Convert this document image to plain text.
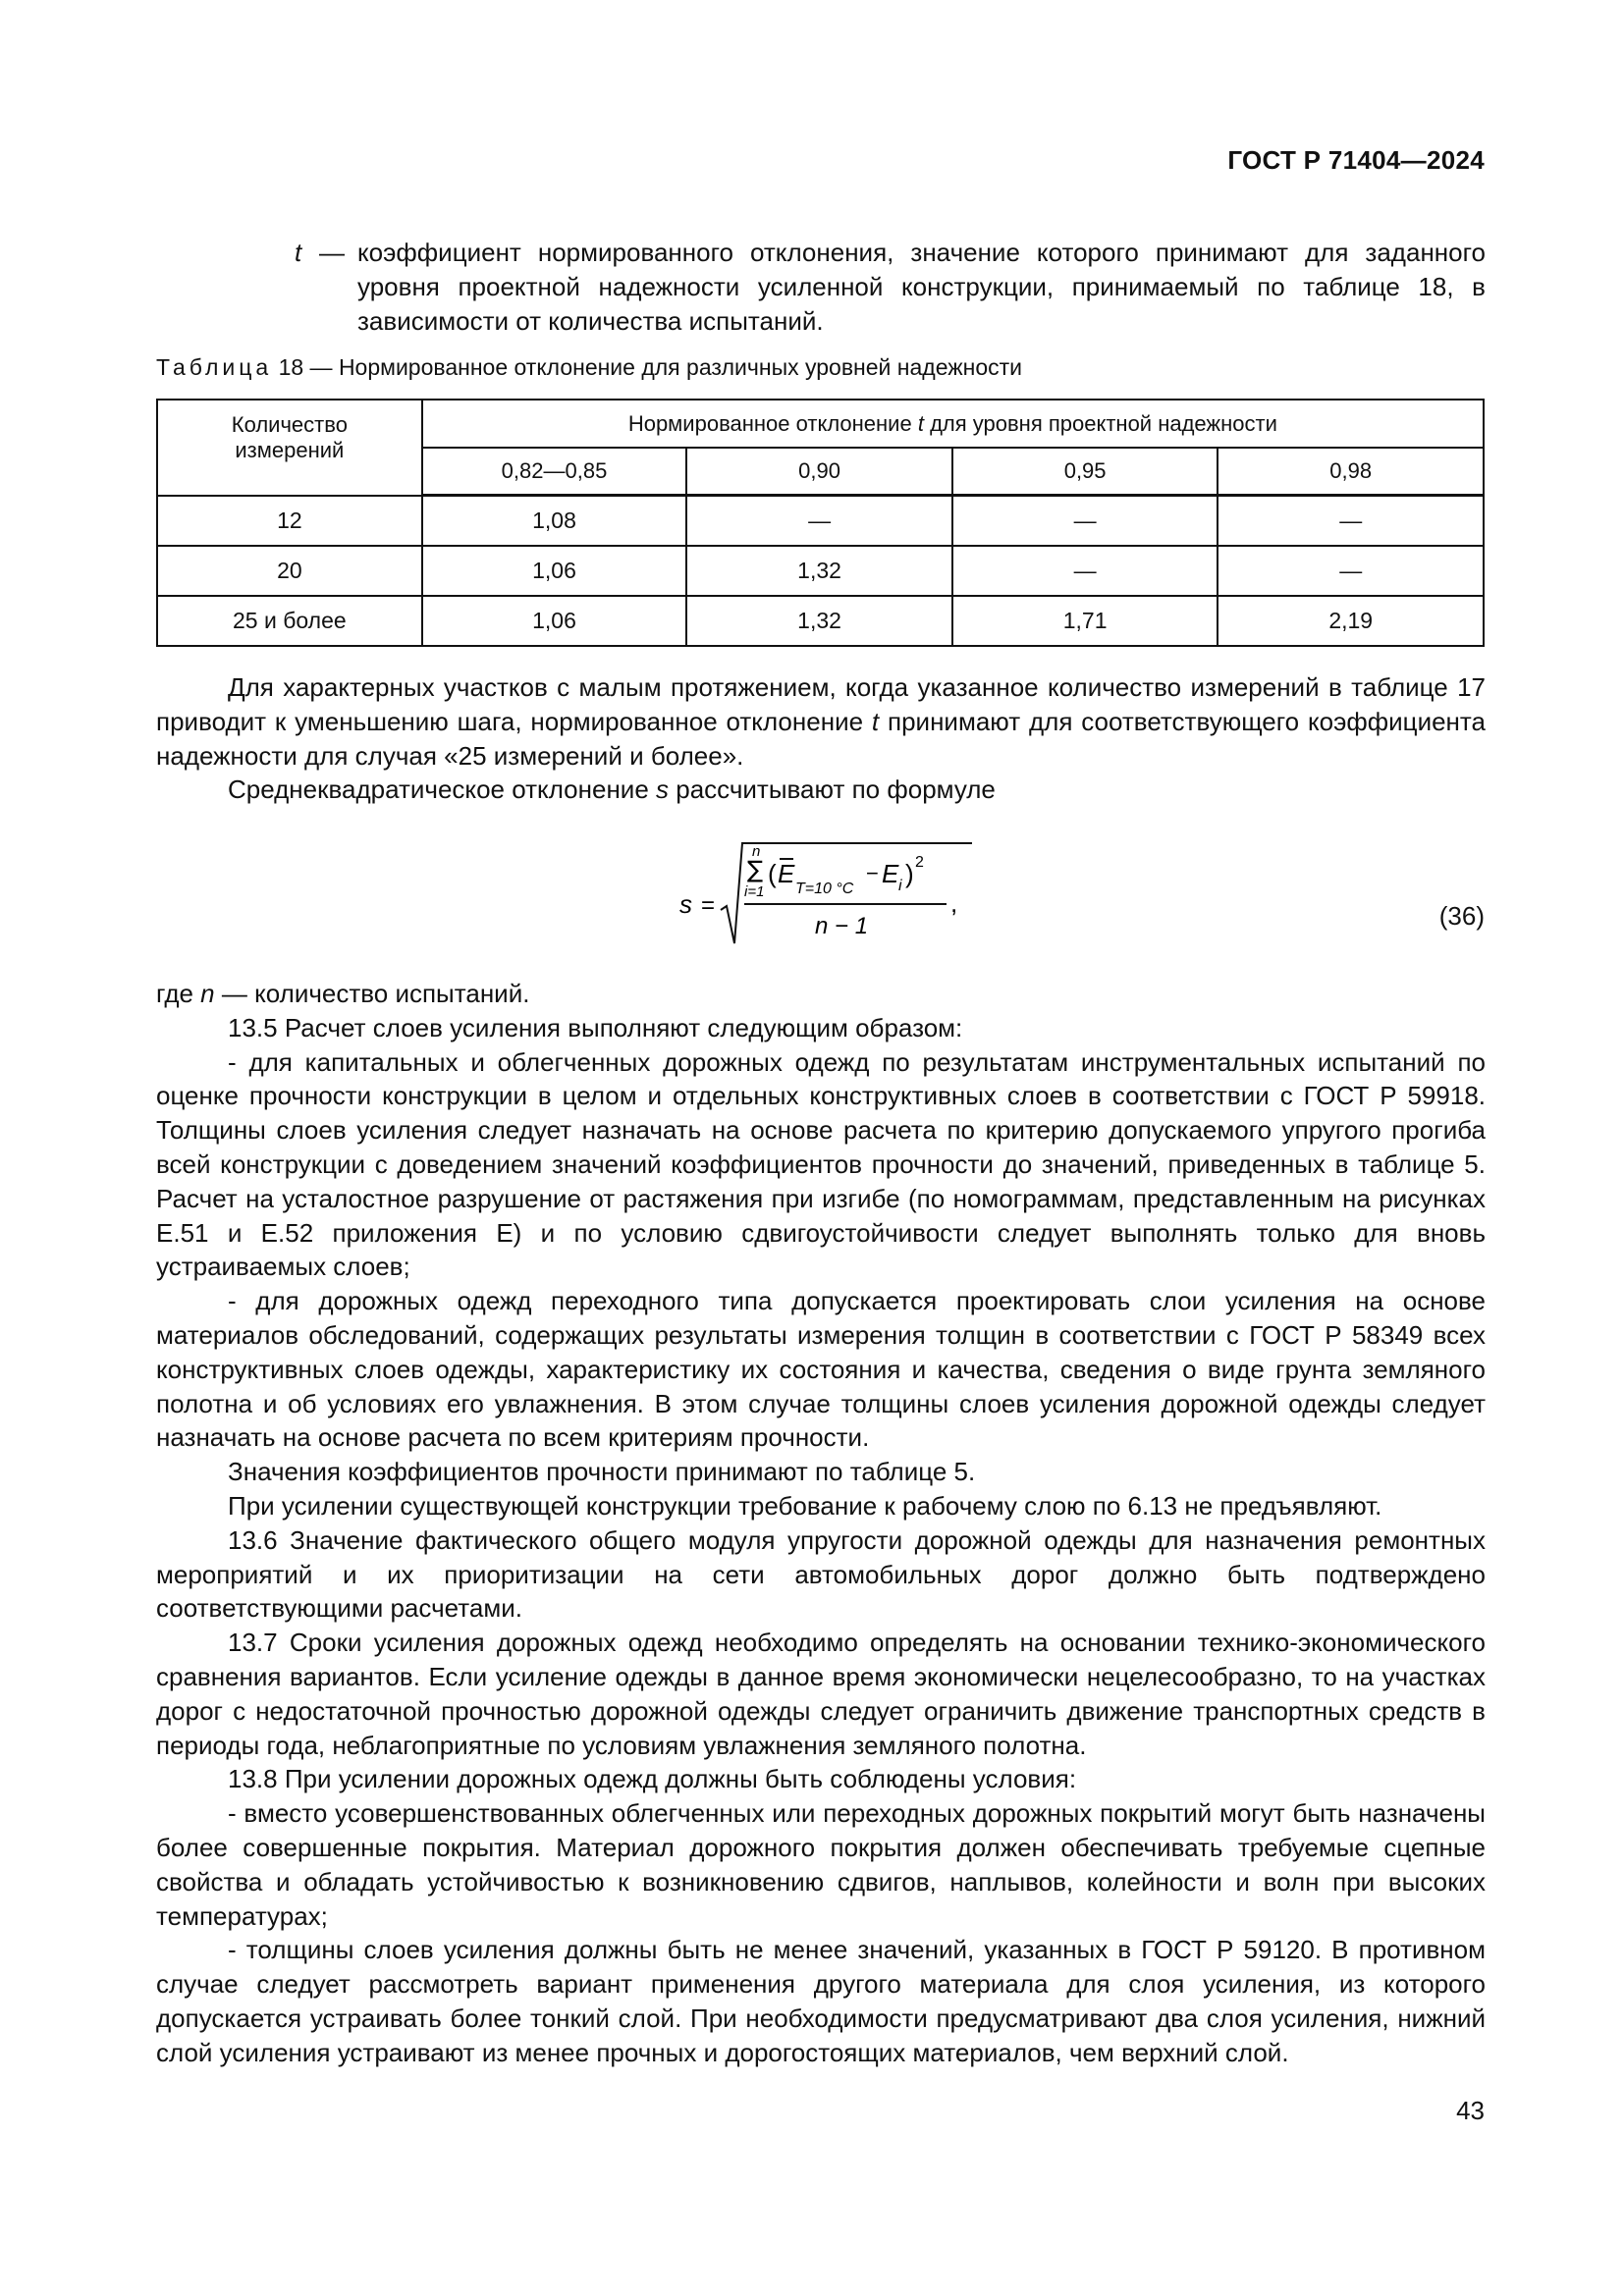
ГОСТ Р 71404—2024
t — коэффициент нормированного отклонения, значение которого принимают для заданного уровня проектной надежности усиленной конструкции, принимаемый по таблице 18, в зависимости от количества испытаний.

Таблица 18 — Нормированное отклонение для различных уровней надежности
Количество измерений	Нормированное отклонение t для уровня проектной надежности			
	0,82—0,85	0,90	0,95	0,98
12	1,08	—	—	—
20	1,06	1,32	—	—
25 и более	1,06	1,32	1,71	2,19

Для характерных участков с малым протяжением, когда указанное количество измерений в таблице 17 приводит к уменьшению шага, нормированное отклонение t принимают для соответствующего коэффициента надежности для случая «25 измерений и более».

Среднеквадратическое отклонение s рассчитывают по формуле

s =
n
∑
i=1
( E
T=10 °C
− E i ) 2
n − 1
,	(36)

где n — количество испытаний.

13.5 Расчет слоев усиления выполняют следующим образом:

- для капитальных и облегченных дорожных одежд по результатам инструментальных испытаний по оценке прочности конструкции в целом и отдельных конструктивных слоев в соответствии с ГОСТ Р 59918. Толщины слоев усиления следует назначать на основе расчета по критерию допускаемого упругого прогиба всей конструкции с доведением значений коэффициентов прочности до значений, приведенных в таблице 5. Расчет на усталостное разрушение от растяжения при изгибе (по номограммам, представленным на рисунках Е.51 и Е.52 приложения Е) и по условию сдвигоустойчивости следует выполнять только для вновь устраиваемых слоев;

- для дорожных одежд переходного типа допускается проектировать слои усиления на основе материалов обследований, содержащих результаты измерения толщин в соответствии с ГОСТ Р 58349 всех конструктивных слоев одежды, характеристику их состояния и качества, сведения о виде грунта земляного полотна и об условиях его увлажнения. В этом случае толщины слоев усиления дорожной одежды следует назначать на основе расчета по всем критериям прочности.

Значения коэффициентов прочности принимают по таблице 5.

При усилении существующей конструкции требование к рабочему слою по 6.13 не предъявляют.

13.6 Значение фактического общего модуля упругости дорожной одежды для назначения ремонтных мероприятий и их приоритизации на сети автомобильных дорог должно быть подтверждено соответствующими расчетами.

13.7 Сроки усиления дорожных одежд необходимо определять на основании технико-экономического сравнения вариантов. Если усиление одежды в данное время экономически нецелесообразно, то на участках дорог с недостаточной прочностью дорожной одежды следует ограничить движение транспортных средств в периоды года, неблагоприятные по условиям увлажнения земляного полотна.

13.8 При усилении дорожных одежд должны быть соблюдены условия:

- вместо усовершенствованных облегченных или переходных дорожных покрытий могут быть назначены более совершенные покрытия. Материал дорожного покрытия должен обеспечивать требуемые сцепные свойства и обладать устойчивостью к возникновению сдвигов, наплывов, колейности и волн при высоких температурах;

- толщины слоев усиления должны быть не менее значений, указанных в ГОСТ Р 59120. В противном случае следует рассмотреть вариант применения другого материала для слоя усиления, из которого допускается устраивать более тонкий слой. При необходимости предусматривают два слоя усиления, нижний слой усиления устраивают из менее прочных и дорогостоящих материалов, чем верхний слой.

43
